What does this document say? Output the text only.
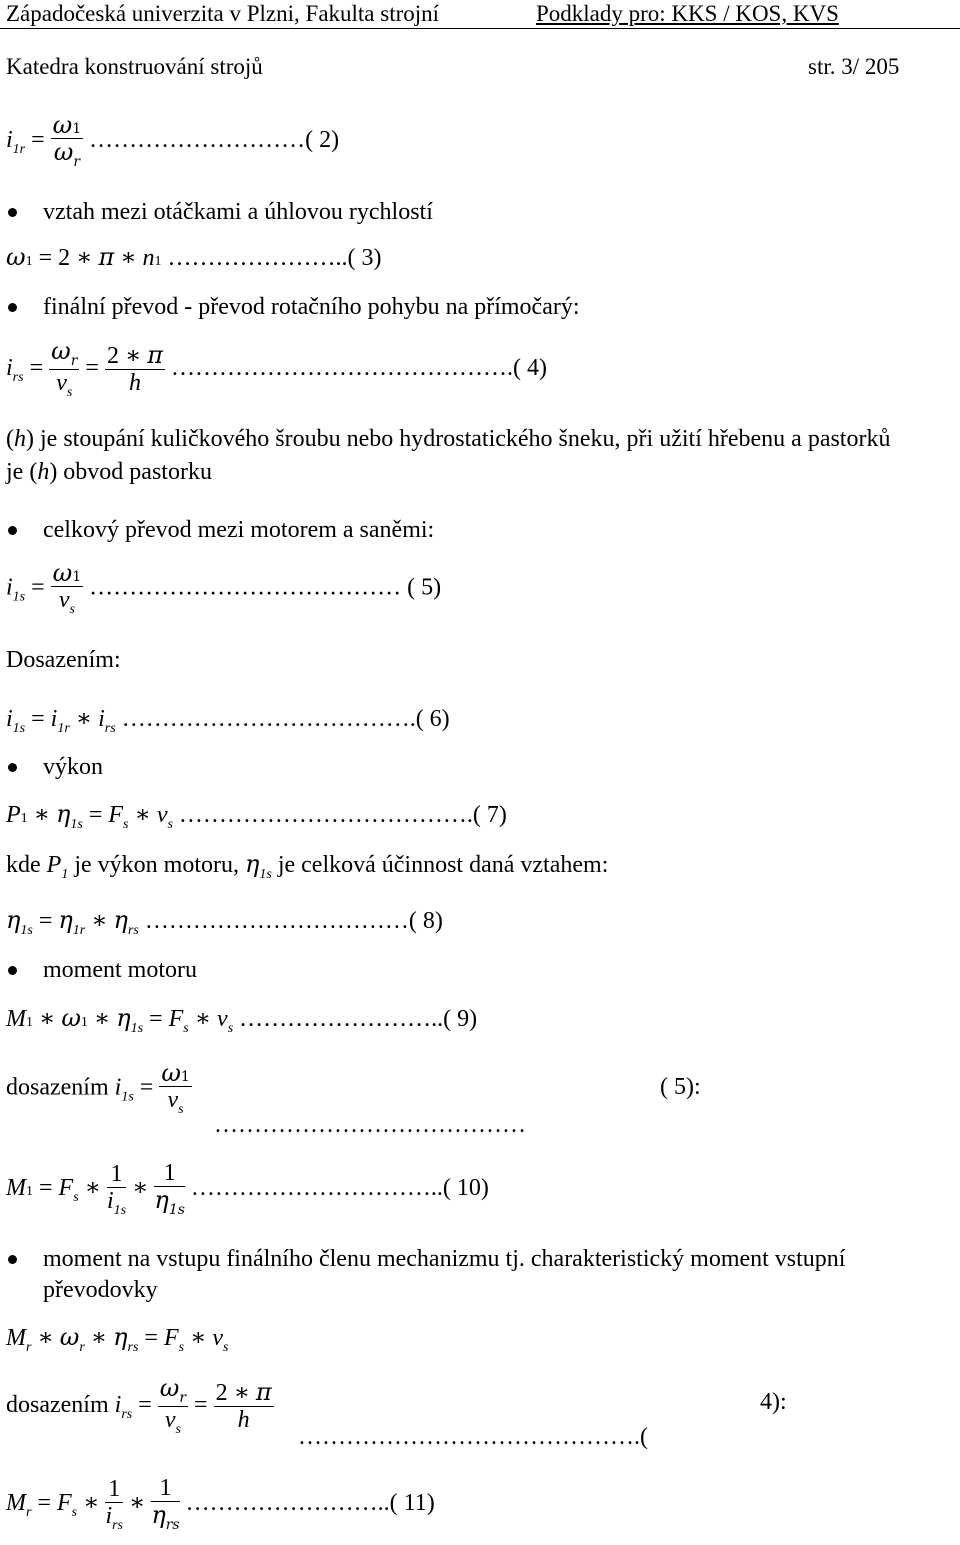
Západočeská univerzita v Plzni, Fakulta strojní	Podklady pro: KKS / KOS, KVS
Katedra konstruování strojů	str. 3/ 205
$i_{1r} = \frac{\omega 1}{\omega_r}$ ………………………( 2)
vztah mezi otáčkami a úhlovou rychlostí
ω1 = 2 ∗ π ∗ n1 …………………..( 3)
finální převod - převod rotačního pohybu na přímočarý:
$i_{rs} = \frac{\omega_r}{v_s} = \frac{2 ∗ \pi}{h}$ …………………………………….( 4)
(h) je stoupání kuličkového šroubu nebo hydrostatického šneku, při užití hřebenu a pastorků
je (h) obvod pastorku
celkový převod mezi motorem a saněmi:
$i_{1s} = \frac{\omega 1}{v_s}$ ………………………………… ( 5)
Dosazením:
$i_{1s} = i_{1r}$ ∗ $i_{rs}$ ……………………………….( 6)
výkon
P1 ∗ $\eta_{1s} = F_s$ ∗ $v_s$ ……………………………….( 7)
kde $P_1$ je výkon motoru, $\eta_{1s}$ je celková účinnost daná vztahem:
$\eta_{1s} = \eta_{1r}$ ∗ $\eta_{rs}$ ……………………………( 8)
moment motoru
M1 ∗ ω1 ∗ $\eta_{1s} = F_s$ ∗ $v_s$ ……………………..( 9)
dosazením $i_{1s} = \frac{\omega 1}{v_s}$	( 5):
…………………………………
$M1 = F_s$ ∗ $\frac{1}{i_{1s}}$ ∗ $\frac{1}{\eta_{1s}}$ …………………………..( 10)
moment na vstupu finálního členu mechanizmu tj. charakteristický moment vstupní
převodovky
$M_r$ ∗ $\omega_r$ ∗ $\eta_{rs} = F_s$ ∗ $v_s$
dosazením $i_{rs} = \frac{\omega_r}{v_s} = \frac{2 ∗ \pi}{h}$	4):
…………………………………….(
$M_r = F_s$ ∗ $\frac{1}{i_{rs}}$ ∗ $\frac{1}{\eta_{rs}}$ ……………………..( 11)
